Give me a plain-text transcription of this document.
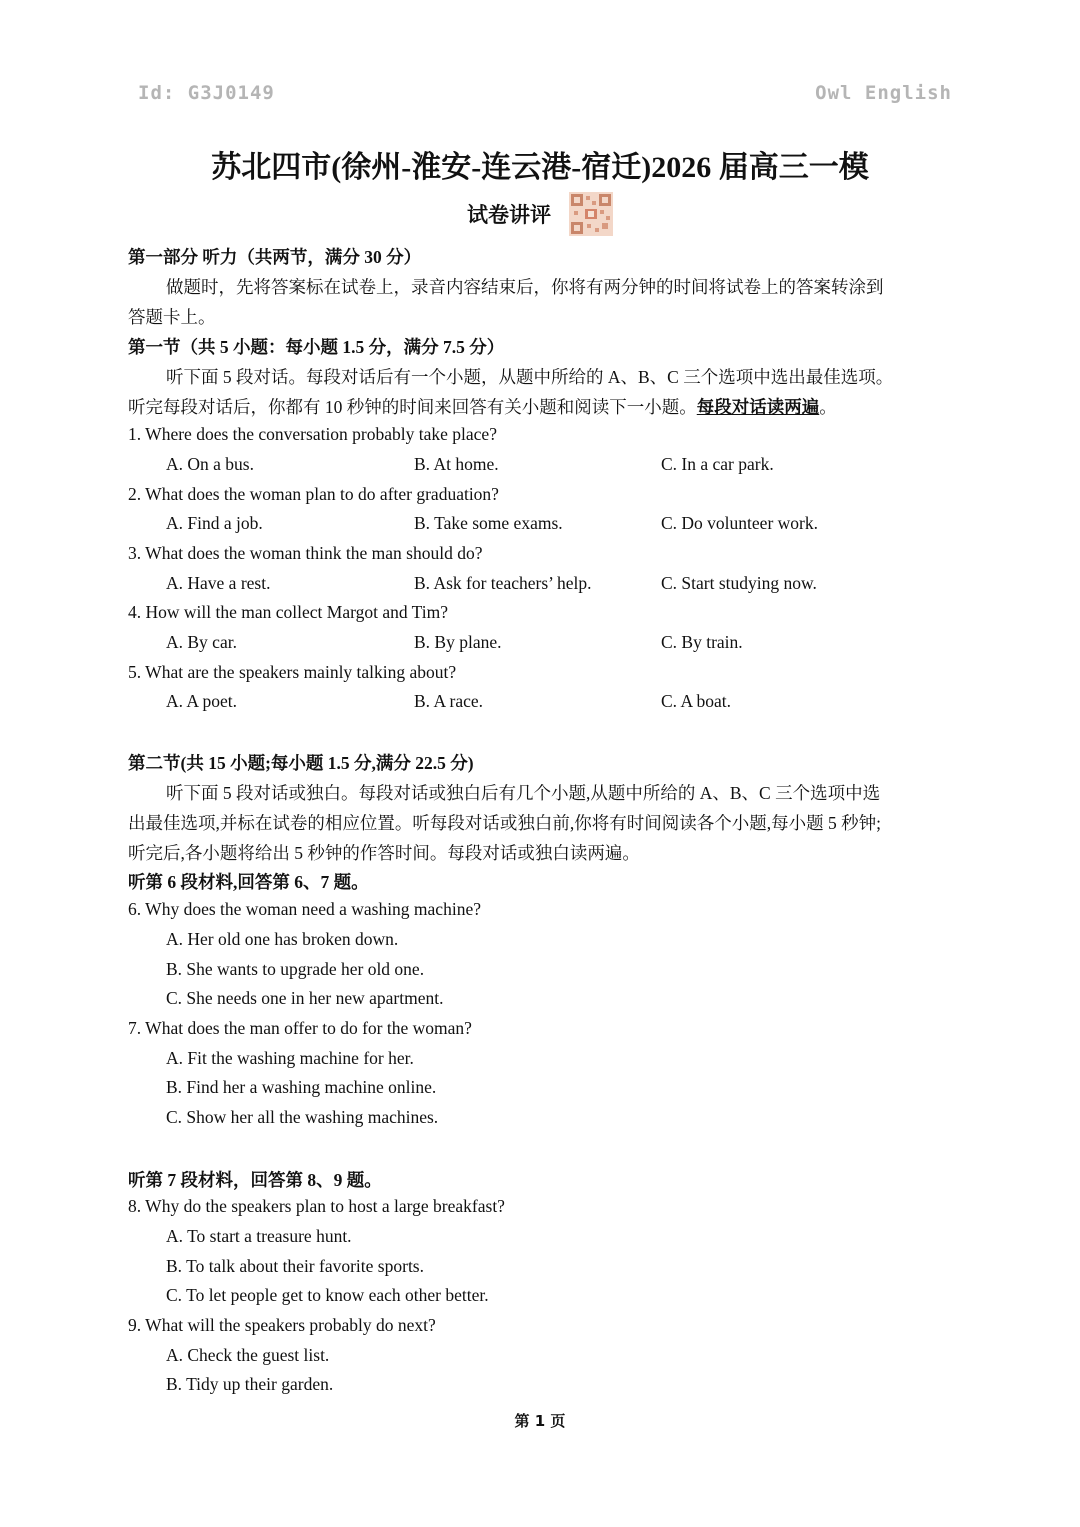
Id: G3J0149	Owl English
苏北四市(徐州-淮安-连云港-宿迁)2026 届高三一模
试卷讲评
第一部分 听力（共两节，满分 30 分）
做题时，先将答案标在试卷上，录音内容结束后，你将有两分钟的时间将试卷上的答案转涂到
答题卡上。
第一节（共 5 小题：每小题 1.5 分，满分 7.5 分）
听下面 5 段对话。每段对话后有一个小题，从题中所给的 A、B、C 三个选项中选出最佳选项。
听完每段对话后，你都有 10 秒钟的时间来回答有关小题和阅读下一小题。每段对话读两遍。
1. Where does the conversation probably take place?
A. On a bus.	B. At home.	C. In a car park.
2. What does the woman plan to do after graduation?
A. Find a job.	B. Take some exams.	C. Do volunteer work.
3. What does the woman think the man should do?
A. Have a rest.	B. Ask for teachers’ help.	C. Start studying now.
4. How will the man collect Margot and Tim?
A. By car.	B. By plane.	C. By train.
5. What are the speakers mainly talking about?
A. A poet.	B. A race.	C. A boat.
第二节(共 15 小题;每小题 1.5 分,满分 22.5 分)
听下面 5 段对话或独白。每段对话或独白后有几个小题,从题中所给的 A、B、C 三个选项中选
出最佳选项,并标在试卷的相应位置。听每段对话或独白前,你将有时间阅读各个小题,每小题 5 秒钟;
听完后,各小题将给出 5 秒钟的作答时间。每段对话或独白读两遍。
听第 6 段材料,回答第 6、7 题。
6. Why does the woman need a washing machine?
A. Her old one has broken down.
B. She wants to upgrade her old one.
C. She needs one in her new apartment.
7. What does the man offer to do for the woman?
A. Fit the washing machine for her.
B. Find her a washing machine online.
C. Show her all the washing machines.
听第 7 段材料，回答第 8、9 题。
8. Why do the speakers plan to host a large breakfast?
A. To start a treasure hunt.
B. To talk about their favorite sports.
C. To let people get to know each other better.
9. What will the speakers probably do next?
A. Check the guest list.
B. Tidy up their garden.
第 1 页
